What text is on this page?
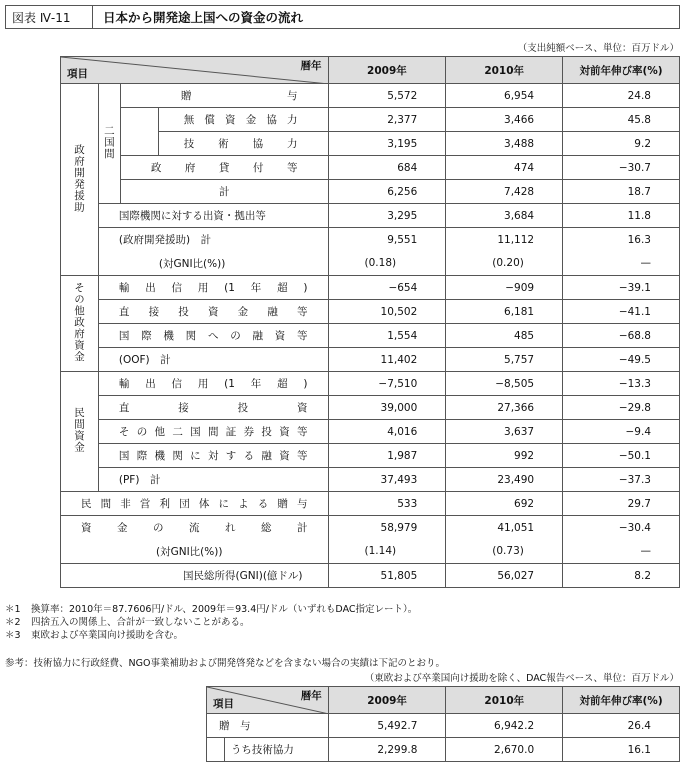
図表 Ⅳ-11	日本から開発途上国への資金の流れ
（支出純額ベース、単位：百万ドル）
項目
暦年				2009年	2010年	対前年伸び率(%)
政府開発援助	二国間	贈与		5,572	6,954	24.8
			無償資金協力	2,377	3,466	45.8
			技術協力	3,195	3,488	9.2
		政府貸付等		684	474	−30.7
		計		6,256	7,428	18.7
	国際機関に対する出資・拠出等			3,295	3,684	11.8
	(政府開発援助)　計			9,551	11,112	16.3
	(対GNI比(%))			(0.18)	(0.20)	—
その他政府資金	輸出信用(1年超)			−654	−909	−39.1
	直接投資金融等			10,502	6,181	−41.1
	国際機関への融資等			1,554	485	−68.8
	(OOF)　計			11,402	5,757	−49.5
民間資金	輸出信用(1年超)			−7,510	−8,505	−13.3
	直接投資			39,000	27,366	−29.8
	その他二国間証券投資等			4,016	3,637	−9.4
	国際機関に対する融資等			1,987	992	−50.1
	(PF)　計			37,493	23,490	−37.3
民間非営利団体による贈与				533	692	29.7
資金の流れ総計				58,979	41,051	−30.4
(対GNI比(%))				(1.14)	(0.73)	—
国民総所得(GNI)(億ドル)				51,805	56,027	8.2
＊1 換算率：2010年＝87.7606円/ドル、2009年＝93.4円/ドル（いずれもDAC指定レート）。
＊2 四捨五入の関係上、合計が一致しないことがある。
＊3 東欧および卒業国向け援助を含む。
参考：技術協力に行政経費、NGO事業補助および開発啓発などを含まない場合の実績は下記のとおり。
（東欧および卒業国向け援助を除く、DAC報告ベース、単位：百万ドル）
項目
暦年		2009年	2010年	対前年伸び率(%)
贈　与		5,492.7	6,942.2	26.4
	うち技術協力	2,299.8	2,670.0	16.1
